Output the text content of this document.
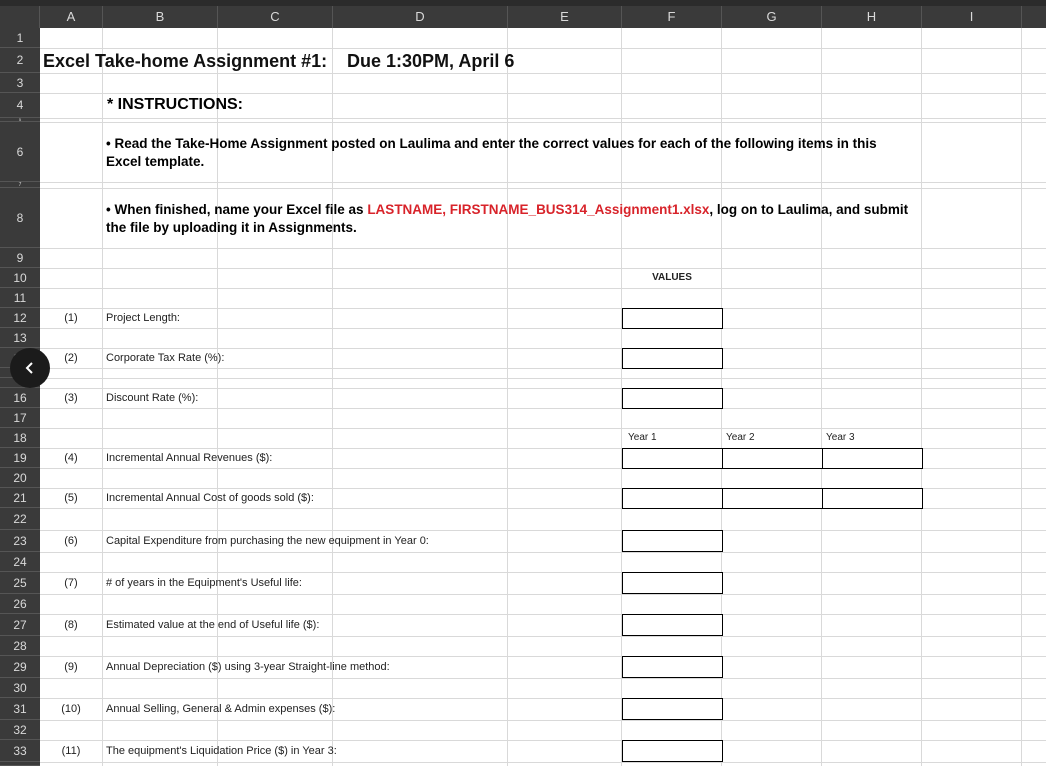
A	B	C	D	E	F	G	H	I
1
2
3
4
5
6
7
8
9
10
11
12
13
16
17
18
19
20
21
22
23
24
25
26
27
28
29
30
31
32
33
Excel Take-home Assignment #1: Due 1:30PM, April 6
* INSTRUCTIONS:
• Read the Take-Home Assignment posted on Laulima and enter the correct values for each of the following items in this Excel template.
• When finished, name your Excel file as LASTNAME, FIRSTNAME_BUS314_Assignment1.xlsx, log on to Laulima, and submit the file by uploading it in Assignments.
VALUES
(1)	Project Length:
(2)	Corporate Tax Rate (%):
(3)	Discount Rate (%):
Year 1	Year 2	Year 3
(4)	Incremental Annual Revenues ($):
(5)	Incremental Annual Cost of goods sold ($):
(6)	Capital Expenditure from purchasing the new equipment in Year 0:
(7)	# of years in the Equipment's Useful life:
(8)	Estimated value at the end of Useful life ($):
(9)	Annual Depreciation ($) using 3-year Straight-line method:
(10)	Annual Selling, General & Admin expenses ($):
(11)	The equipment's Liquidation Price ($) in Year 3:
